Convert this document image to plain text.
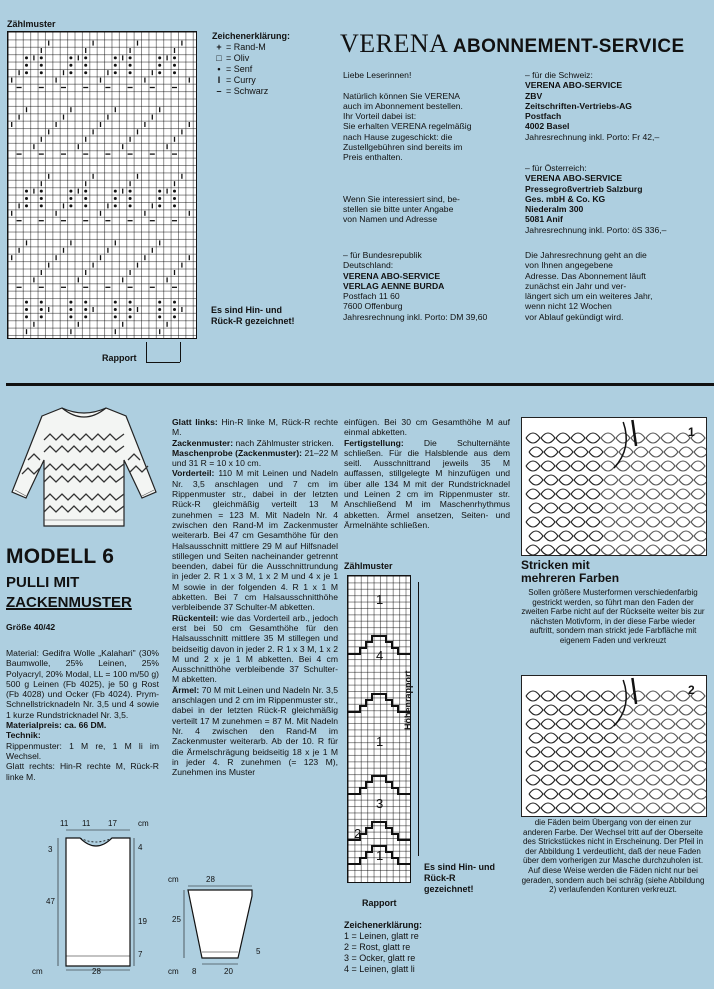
Zählmuster
Es sind Hin- und Rück-R gezeichnet!
Rapport
Zeichenerklärung:
+ = Rand-M
□ = Oliv
• = Senf
I = Curry
– = Schwarz
VERENA ABONNEMENT-SERVICE
Liebe Leserinnen!

Natürlich können Sie VERENA
auch im Abonnement bestellen.
Ihr Vorteil dabei ist:
Sie erhalten VERENA regelmäßig
nach Hause zugeschickt: die
Zustellgebühren sind bereits im
Preis enthalten.

Wenn Sie interessiert sind, be-
stellen sie bitte unter Angabe
von Namen und Adresse
– für Bundesrepublik Deutschland:
VERENA ABO-SERVICE
VERLAG AENNE BURDA
Postfach 11 60
7600 Offenburg
Jahresrechnung inkl. Porto: DM 39,60
– für die Schweiz:
VERENA ABO-SERVICE
ZBV
Zeitschriften-Vertriebs-AG
Postfach
4002 Basel
Jahresrechnung inkl. Porto: Fr 42,–
– für Österreich:
VERENA ABO-SERVICE
Pressegroßvertrieb Salzburg
Ges. mbH & Co. KG
Niederalm 300
5081 Anif
Jahresrechnung inkl. Porto: öS 336,–
Die Jahresrechnung geht an die
von Ihnen angegebene
Adresse. Das Abonnement läuft
zunächst ein Jahr und ver-
längert sich um ein weiteres Jahr,
wenn nicht 12 Wochen
vor Ablauf gekündigt wird.
MODELL 6
PULLI MIT
ZACKENMUSTER
Größe 40/42
Material: Gedifra Wolle „Kalahari" (30% Baumwolle, 25% Leinen, 25% Polyacryl, 20% Modal, LL = 100 m/50 g) 500 g Leinen (Fb 4025), je 50 g Rost (Fb 4028) und Ocker (Fb 4024). Prym-Schnellstricknadeln Nr. 3,5 und 4 sowie 1 kurze Rundstricknadel Nr. 3,5.
Materialpreis: ca. 66 DM.
Technik:
Rippenmuster: 1 M re, 1 M li im Wechsel.
Glatt rechts: Hin-R rechte M, Rück-R linke M.
11 11 17	cm
3
47
4
19
7
cm	28
cm	28
25
5
cm 8	20
Glatt links: Hin-R linke M, Rück-R rechte M.
Zackenmuster: nach Zählmuster stricken.
Maschenprobe (Zackenmuster): 21–22 M und 31 R = 10 x 10 cm.
Vorderteil: 110 M mit Leinen und Nadeln Nr. 3,5 anschlagen und 7 cm im Rippenmuster str., dabei in der letzten Rück-R gleichmäßig verteilt 13 M zunehmen = 123 M. Mit Nadeln Nr. 4 zwischen den Rand-M im Zackenmuster weiterarb. Bei 47 cm Gesamthöhe für den Halsausschnitt mittlere 29 M auf Hilfsnadel stillegen und Seiten nacheinander getrennt beenden, dabei für die Ausschnittrundung in jeder 2. R 1 x 3 M, 1 x 2 M und 4 x je 1 M sowie in der folgenden 4. R 1 x 1 M abketten. Bei 7 cm Halsausschnitthöhe verbleibende 37 Schulter-M abketten.
Rückenteil: wie das Vorderteil arb., jedoch erst bei 50 cm Gesamthöhe für den Halsausschnitt mittlere 35 M stillegen und beidseitig davon in jeder 2. R 1 x 3 M, 1 x 2 M und 2 x je 1 M abketten. Bei 4 cm Ausschnitthöhe verbleibende 37 Schulter-M abketten.
Ärmel: 70 M mit Leinen und Nadeln Nr. 3,5 anschlagen und 2 cm im Rippenmuster str., dabei in der letzten Rück-R gleichmäßig verteilt 17 M zunehmen = 87 M. Mit Nadeln Nr. 4 zwischen den Rand-M im Zackenmuster weiterarb. Ab der 10. R für die Ärmelschrägung beidseitig 18 x je 1 M in jeder 4. R zunehmen (= 123 M), Zunehmen ins Muster
einfügen. Bei 30 cm Gesamthöhe M auf einmal abketten.
Fertigstellung: Die Schulternähte schließen. Für die Halsblende aus dem seitl. Ausschnittrand jeweils 35 M auffassen, stillgelegte M hinzufügen und über alle 134 M mit der Rundstricknadel und Leinen 2 cm im Rippenmuster str. Anschließend M im Maschenrhythmus abketten. Ärmel ansetzen, Seiten- und Ärmelnähte schließen.
Zählmuster
1
4
1
3
2
1
Höhenrapport
Es sind Hin- und Rück-R gezeichnet!
Rapport
Zeichenerklärung:
1 = Leinen, glatt re
2 = Rost, glatt re
3 = Ocker, glatt re
4 = Leinen, glatt li
1
Stricken mit
mehreren Farben
Sollen größere Musterformen verschiedenfarbig gestrickt werden, so führt man den Faden der zweiten Farbe nicht auf der Rückseite weiter bis zur nächsten Motivform, in der diese Farbe wieder auftritt, sondern man strickt jede Farbfläche mit eigenem Faden und verkreuzt
2
die Fäden beim Übergang von der einen zur anderen Farbe. Der Wechsel tritt auf der Oberseite des Strickstückes nicht in Erscheinung. Der Pfeil in der Abbildung 1 verdeutlicht, daß der neue Faden über dem vorherigen zur Masche durchzuholen ist. Auf diese Weise werden die Fäden nicht nur bei geraden, sondern auch bei schräg (siehe Abbildung 2) verlaufenden Konturen verkreuzt.
